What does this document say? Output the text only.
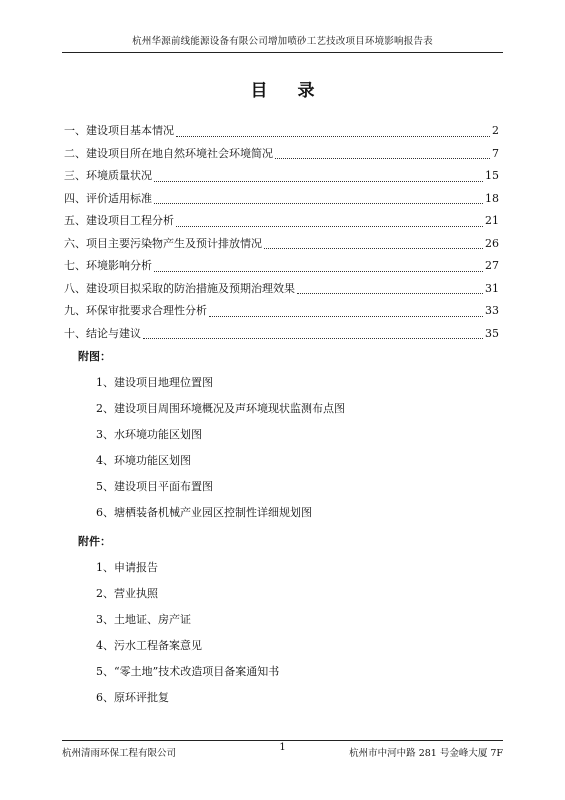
杭州华源前线能源设备有限公司增加喷砂工艺技改项目环境影响报告表
目 录
一、建设项目基本情况	2
二、建设项目所在地自然环境社会环境简况	7
三、环境质量状况	15
四、评价适用标准	18
五、建设项目工程分析	21
六、项目主要污染物产生及预计排放情况	26
七、环境影响分析	27
八、建设项目拟采取的防治措施及预期治理效果	31
九、环保审批要求合理性分析	33
十、结论与建议	35
附图：
1、建设项目地理位置图
2、建设项目周围环境概况及声环境现状监测布点图
3、水环境功能区划图
4、环境功能区划图
5、建设项目平面布置图
6、塘栖装备机械产业园区控制性详细规划图
附件：
1、申请报告
2、营业执照
3、土地证、房产证
4、污水工程备案意见
5、“零土地”技术改造项目备案通知书
6、原环评批复
杭州清雨环保工程有限公司
1
杭州市中河中路 281 号金峰大厦 7F
